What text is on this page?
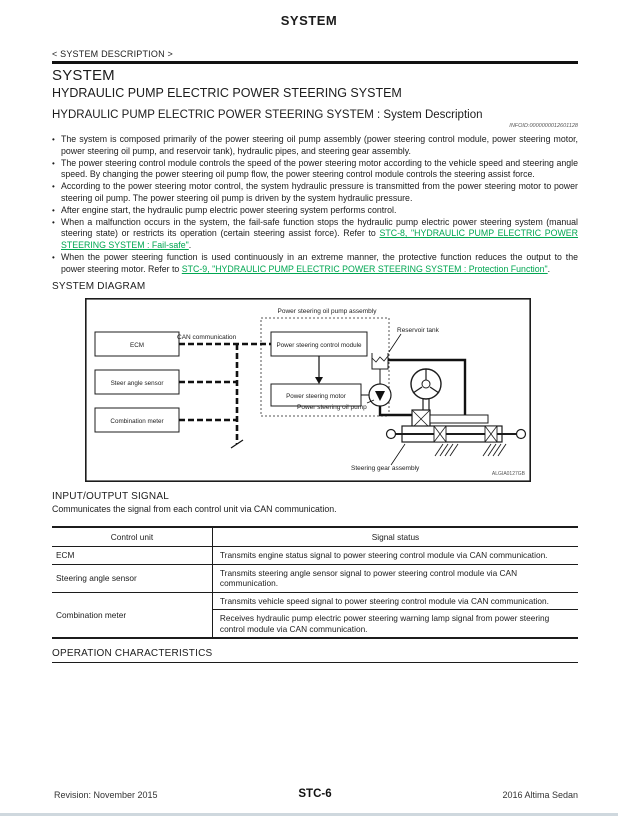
SYSTEM
< SYSTEM DESCRIPTION >
SYSTEM
HYDRAULIC PUMP ELECTRIC POWER STEERING SYSTEM
HYDRAULIC PUMP ELECTRIC POWER STEERING SYSTEM : System Description
INFOID:0000000012601128
• The system is composed primarily of the power steering oil pump assembly (power steering control module, power steering motor, power steering oil pump, and reservoir tank), hydraulic pipes, and steering gear assembly.
• The power steering control module controls the speed of the power steering motor according to the vehicle speed and steering angle speed. By changing the power steering oil pump flow, the power steering control module controls the steering assist force.
• According to the power steering motor control, the system hydraulic pressure is transmitted from the power steering motor to power steering oil pump. The power steering oil pump is driven by the system hydraulic pressure.
• After engine start, the hydraulic pump electric power steering system performs control.
• When a malfunction occurs in the system, the fail-safe function stops the hydraulic pump electric power steering system (manual steering state) or restricts its operation (certain steering assist force). Refer to STC-8, "HYDRAULIC PUMP ELECTRIC POWER STEERING SYSTEM : Fail-safe".
• When the power steering function is used continuously in an extreme manner, the protective function reduces the output to the power steering motor. Refer to STC-9, "HYDRAULIC PUMP ELECTRIC POWER STEERING SYSTEM : Protection Function".
SYSTEM DIAGRAM
Power steering oil pump assembly
ECM
Steer angle sensor
Combination meter
CAN communication
Power steering control module
Power steering motor
Reservoir tank
Power steering oil pump
Steering gear assembly
ALGIA0127GB
INPUT/OUTPUT SIGNAL
Communicates the signal from each control unit via CAN communication.
Control unit	Signal status
ECM	Transmits engine status signal to power steering control module via CAN communication.
Steering angle sensor	Transmits steering angle sensor signal to power steering control module via CAN communication.
Combination meter	Transmits vehicle speed signal to power steering control module via CAN communication.
	Receives hydraulic pump electric power steering warning lamp signal from power steering control module via CAN communication.
OPERATION CHARACTERISTICS
Revision: November 2015	STC-6	2016 Altima Sedan
